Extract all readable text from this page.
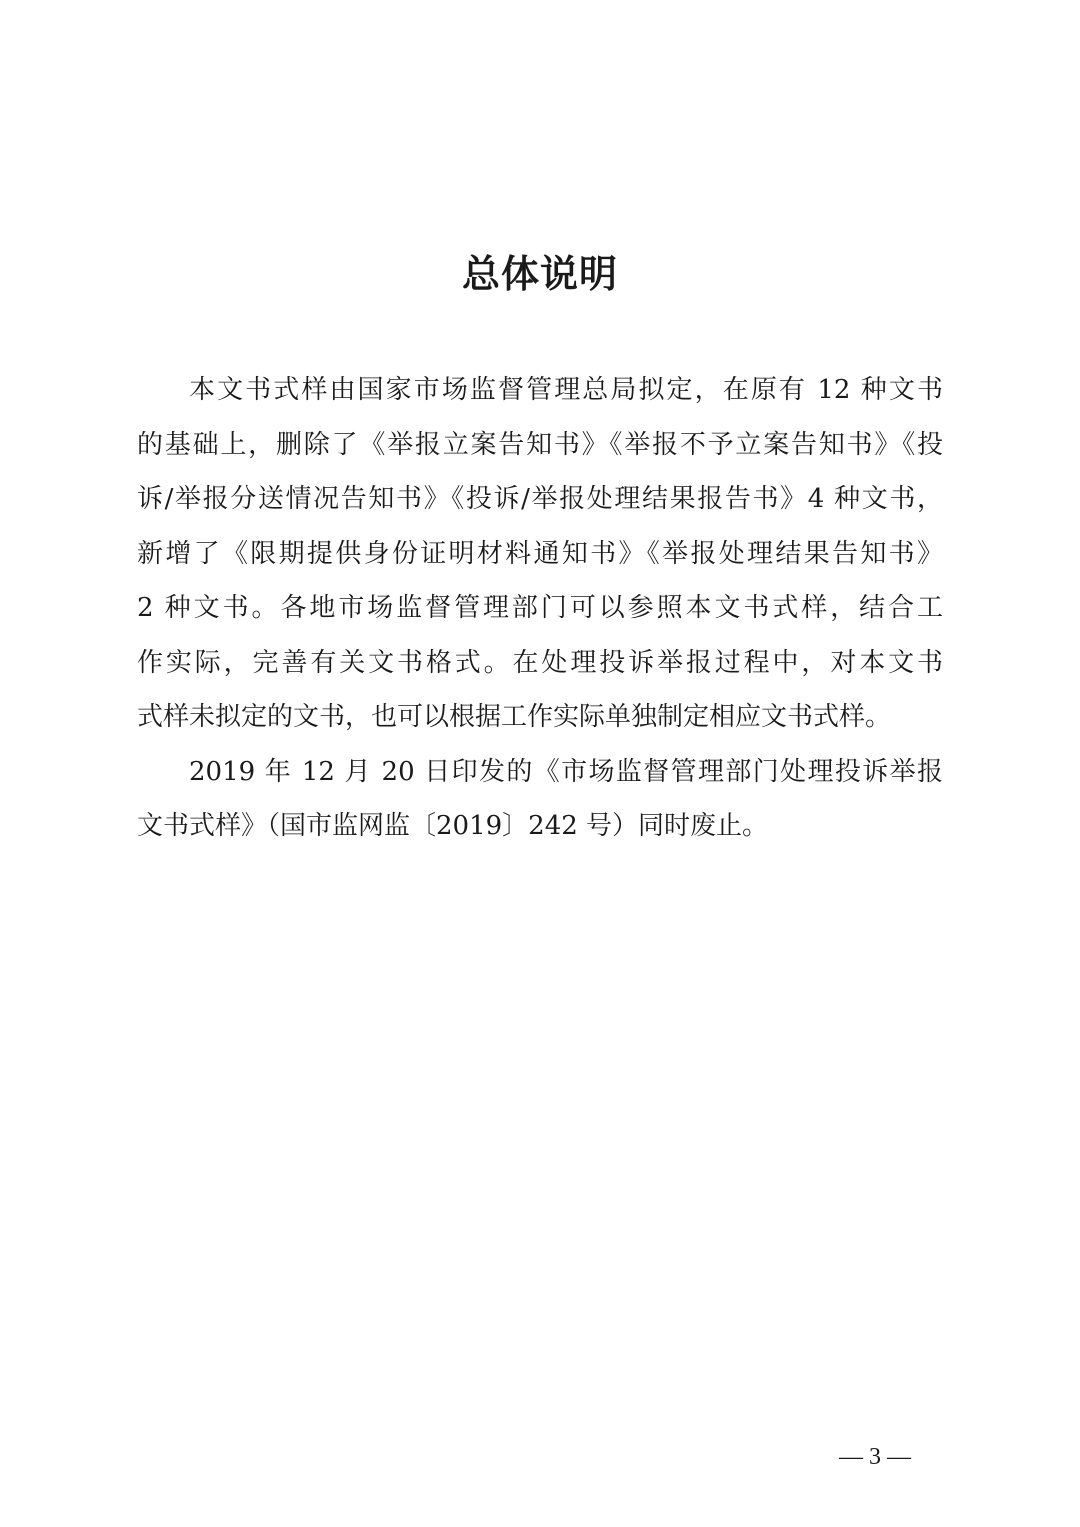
总体说明
本文书式样由国家市场监督管理总局拟定，在原有 12 种文书
的基础上，删除了《举报立案告知书》《举报不予立案告知书》《投
诉/举报分送情况告知书》《投诉/举报处理结果报告书》4 种文书，
新增了《限期提供身份证明材料通知书》《举报处理结果告知书》
2 种文书。各地市场监督管理部门可以参照本文书式样，结合工
作实际，完善有关文书格式。在处理投诉举报过程中，对本文书
式样未拟定的文书，也可以根据工作实际单独制定相应文书式样。
2019 年 12 月 20 日印发的《市场监督管理部门处理投诉举报
文书式样》（国市监网监〔2019〕242 号）同时废止。
— 3 —
